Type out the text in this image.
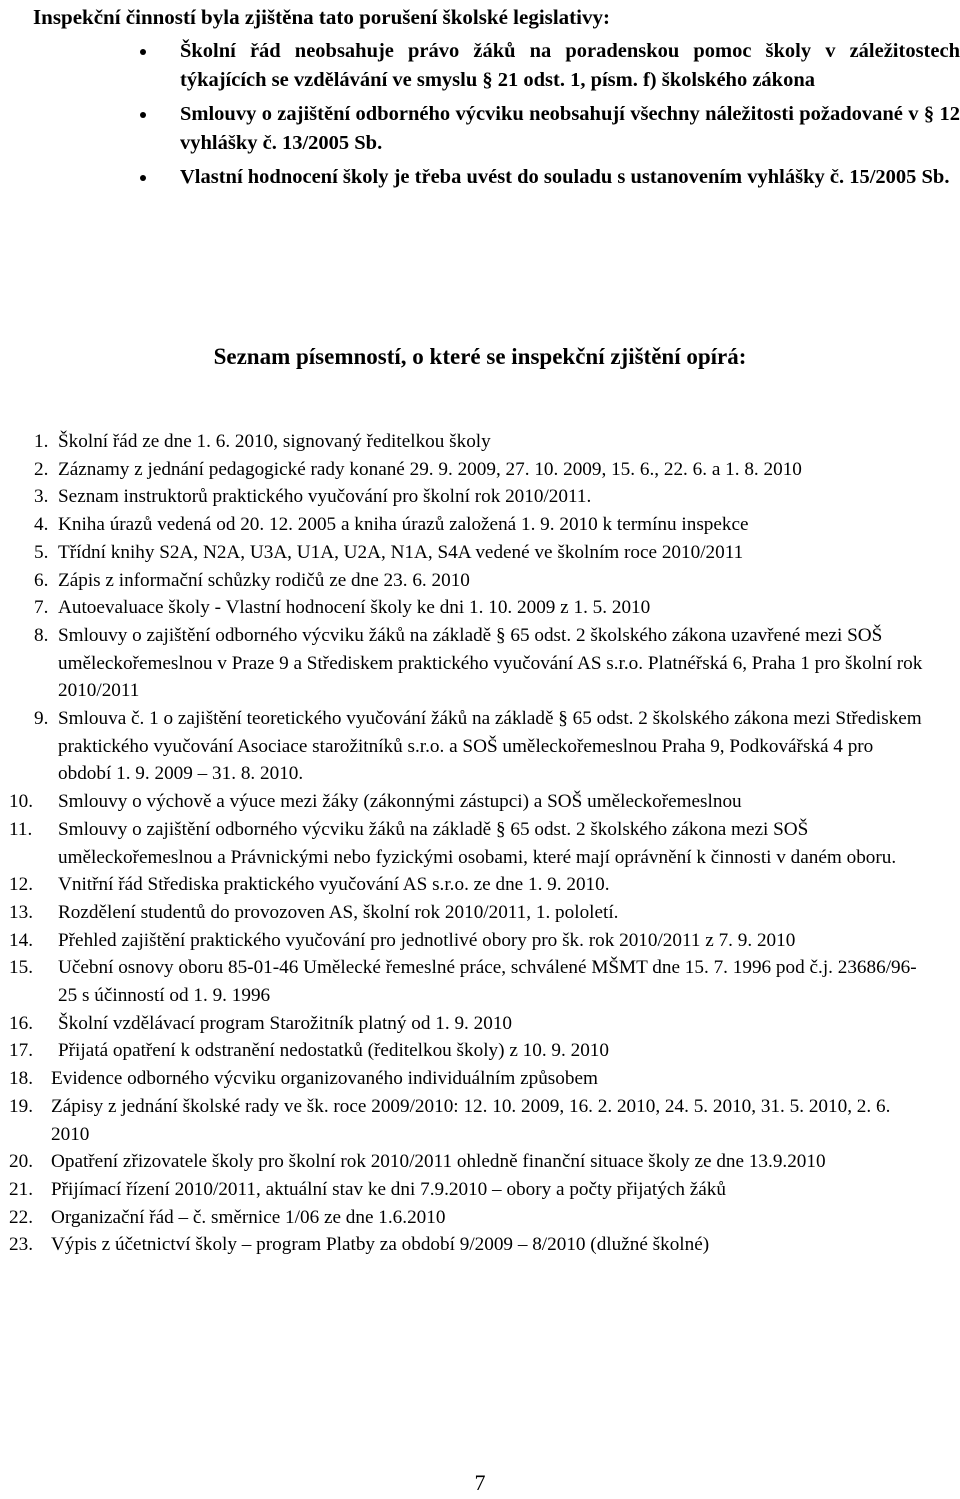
Inspekční činností byla zjištěna tato porušení školské legislativy:
Školní řád neobsahuje právo žáků na poradenskou pomoc školy v záležitostech týkajících se vzdělávání ve smyslu § 21 odst. 1, písm. f) školského zákona
Smlouvy o zajištění odborného výcviku neobsahují všechny náležitosti požadované v § 12 vyhlášky č. 13/2005 Sb.
Vlastní hodnocení školy je třeba uvést do souladu s ustanovením vyhlášky č. 15/2005 Sb.
Seznam písemností, o které se inspekční zjištění opírá:
1. Školní řád ze dne 1. 6. 2010, signovaný ředitelkou školy
2. Záznamy z jednání pedagogické rady konané 29. 9. 2009, 27. 10. 2009, 15. 6., 22. 6. a 1. 8. 2010
3. Seznam instruktorů praktického vyučování pro školní rok 2010/2011.
4. Kniha úrazů vedená od 20. 12. 2005 a kniha úrazů založená 1. 9. 2010 k termínu inspekce
5. Třídní knihy S2A, N2A, U3A, U1A, U2A, N1A, S4A vedené ve školním roce 2010/2011
6. Zápis z informační schůzky rodičů ze dne 23. 6. 2010
7. Autoevaluace školy - Vlastní hodnocení školy ke dni 1. 10. 2009 z 1. 5. 2010
8. Smlouvy o zajištění odborného výcviku žáků na základě § 65 odst. 2 školského zákona uzavřené mezi SOŠ uměleckořemeslnou v Praze 9 a Střediskem praktického vyučování AS s.r.o. Platnéřská 6, Praha 1 pro školní rok 2010/2011
9. Smlouva č. 1 o zajištění teoretického vyučování žáků na základě § 65 odst. 2 školského zákona mezi Střediskem praktického vyučování Asociace starožitníků s.r.o. a SOŠ uměleckořemeslnou Praha 9, Podkovářská 4 pro období 1. 9. 2009 – 31. 8. 2010.
10. Smlouvy o výchově a výuce mezi žáky (zákonnými zástupci) a SOŠ uměleckořemeslnou
11. Smlouvy o zajištění odborného výcviku žáků na základě § 65 odst. 2 školského zákona mezi SOŠ uměleckořemeslnou a Právnickými nebo fyzickými osobami, které mají oprávnění k činnosti v daném oboru.
12. Vnitřní řád Střediska praktického vyučování AS s.r.o. ze dne 1. 9. 2010.
13. Rozdělení studentů do provozoven AS, školní rok 2010/2011, 1. pololetí.
14. Přehled zajištění praktického vyučování pro jednotlivé obory pro šk. rok 2010/2011 z 7. 9. 2010
15. Učební osnovy oboru 85-01-46 Umělecké řemeslné práce, schválené MŠMT dne 15. 7. 1996 pod č.j. 23686/96-25 s účinností od 1. 9. 1996
16. Školní vzdělávací program Starožitník platný od 1. 9. 2010
17. Přijatá opatření k odstranění nedostatků (ředitelkou školy) z 10. 9. 2010
18. Evidence odborného výcviku organizovaného individuálním způsobem
19. Zápisy z jednání školské rady ve šk. roce 2009/2010: 12. 10. 2009, 16. 2. 2010, 24. 5. 2010, 31. 5. 2010, 2. 6. 2010
20. Opatření zřizovatele školy pro školní rok 2010/2011 ohledně finanční situace školy ze dne 13.9.2010
21. Přijímací řízení 2010/2011, aktuální stav ke dni 7.9.2010 – obory a počty přijatých žáků
22. Organizační řád – č. směrnice 1/06 ze dne 1.6.2010
23. Výpis z účetnictví školy – program Platby za období 9/2009 – 8/2010 (dlužné školné)
7
